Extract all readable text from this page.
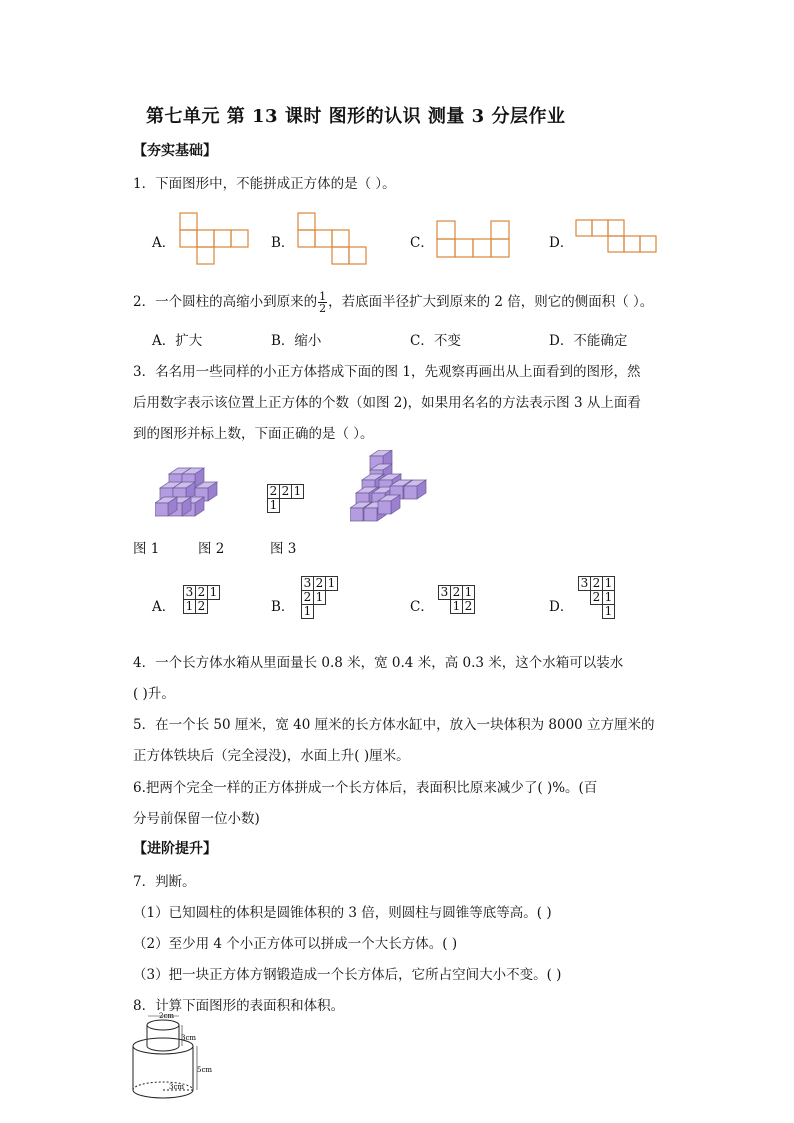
第七单元 第 13 课时 图形的认识 测量 3 分层作业
【夯实基础】
1．下面图形中，不能拼成正方体的是（ ）。
A．	B．	C．	D．
2．一个圆柱的高缩小到原来的 $\frac{1}{2}$ ，若底面半径扩大到原来的 2 倍，则它的侧面积（ ）。
A．扩大	B．缩小	C．不变	D．不能确定
3．名名用一些同样的小正方体搭成下面的图 1，先观察再画出从上面看到的图形，然
后用数字表示该位置上正方体的个数（如图 2)，如果用名名的方法表示图 3 从上面看
到的图形并标上数，下面正确的是（ ）。
2	2	1
1		
图 1	图 2	图 3
A．
3	2	1
1	2		B．
3	2	1
2	1	
1			C．
3	2	1
	1	2	D．
3	2	1
	2	1
		1
4．一个长方体水箱从里面量长 0.8 米，宽 0.4 米，高 0.3 米，这个水箱可以装水
( )升。
5．在一个长 50 厘米，宽 40 厘米的长方体水缸中，放入一块体积为 8000 立方厘米的
正方体铁块后（完全浸没)，水面上升( )厘米。
6.把两个完全一样的正方体拼成一个长方体后，表面积比原来减少了( )%。(百
分号前保留一位小数)
【进阶提升】
7．判断。
（1）已知圆柱的体积是圆锥体积的 3 倍，则圆柱与圆锥等底等高。( )
（2）至少用 4 个小正方体可以拼成一个大长方体。( )
（3）把一块正方体方钢锻造成一个长方体后，它所占空间大小不变。( )
8．计算下面图形的表面积和体积。
2cm
3cm
5cm
3cm
